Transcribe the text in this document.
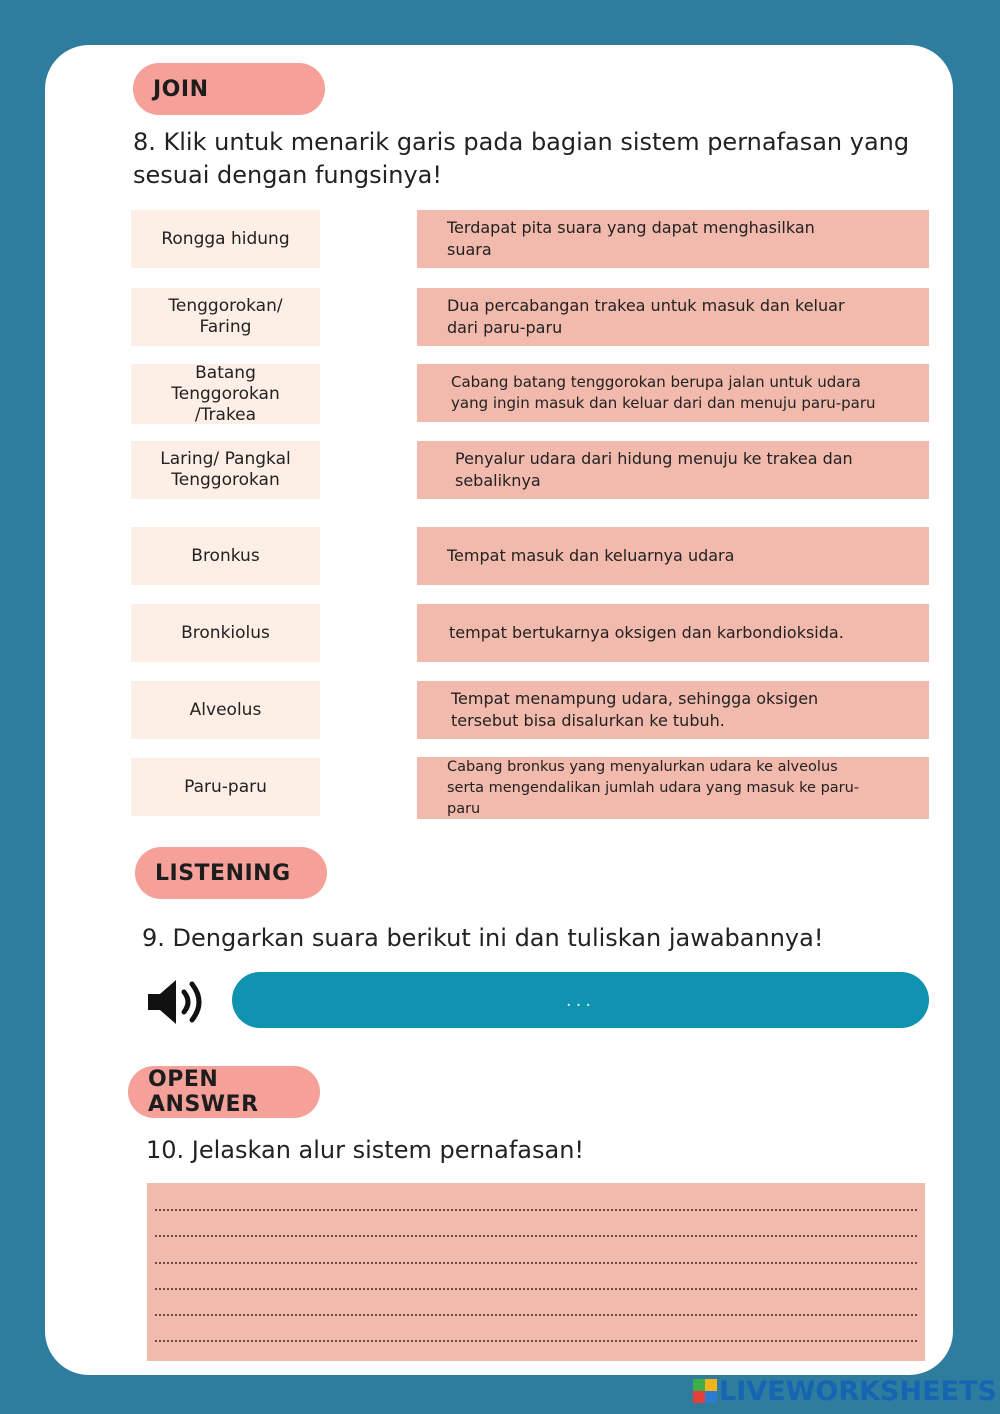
JOIN
8. Klik untuk menarik garis pada bagian sistem pernafasan yang
sesuai dengan fungsinya!
Rongga hidung
Tenggorokan/
Faring
Batang
Tenggorokan
/Trakea
Laring/ Pangkal
Tenggorokan
Bronkus
Bronkiolus
Alveolus
Paru-paru
Terdapat pita suara yang dapat menghasilkan
suara
Dua percabangan trakea untuk masuk dan keluar
dari paru-paru
Cabang batang tenggorokan berupa jalan untuk udara
yang ingin masuk dan keluar dari dan menuju paru-paru
Penyalur udara dari hidung menuju ke trakea dan
sebaliknya
Tempat masuk dan keluarnya udara
tempat bertukarnya oksigen dan karbondioksida.
Tempat menampung udara, sehingga oksigen
tersebut bisa disalurkan ke tubuh.
Cabang bronkus yang menyalurkan udara ke alveolus
serta mengendalikan jumlah udara yang masuk ke paru-
paru
LISTENING
9. Dengarkan suara berikut ini dan tuliskan jawabannya!
...
OPEN ANSWER
10. Jelaskan alur sistem pernafasan!
LIVEWORKSHEETS
